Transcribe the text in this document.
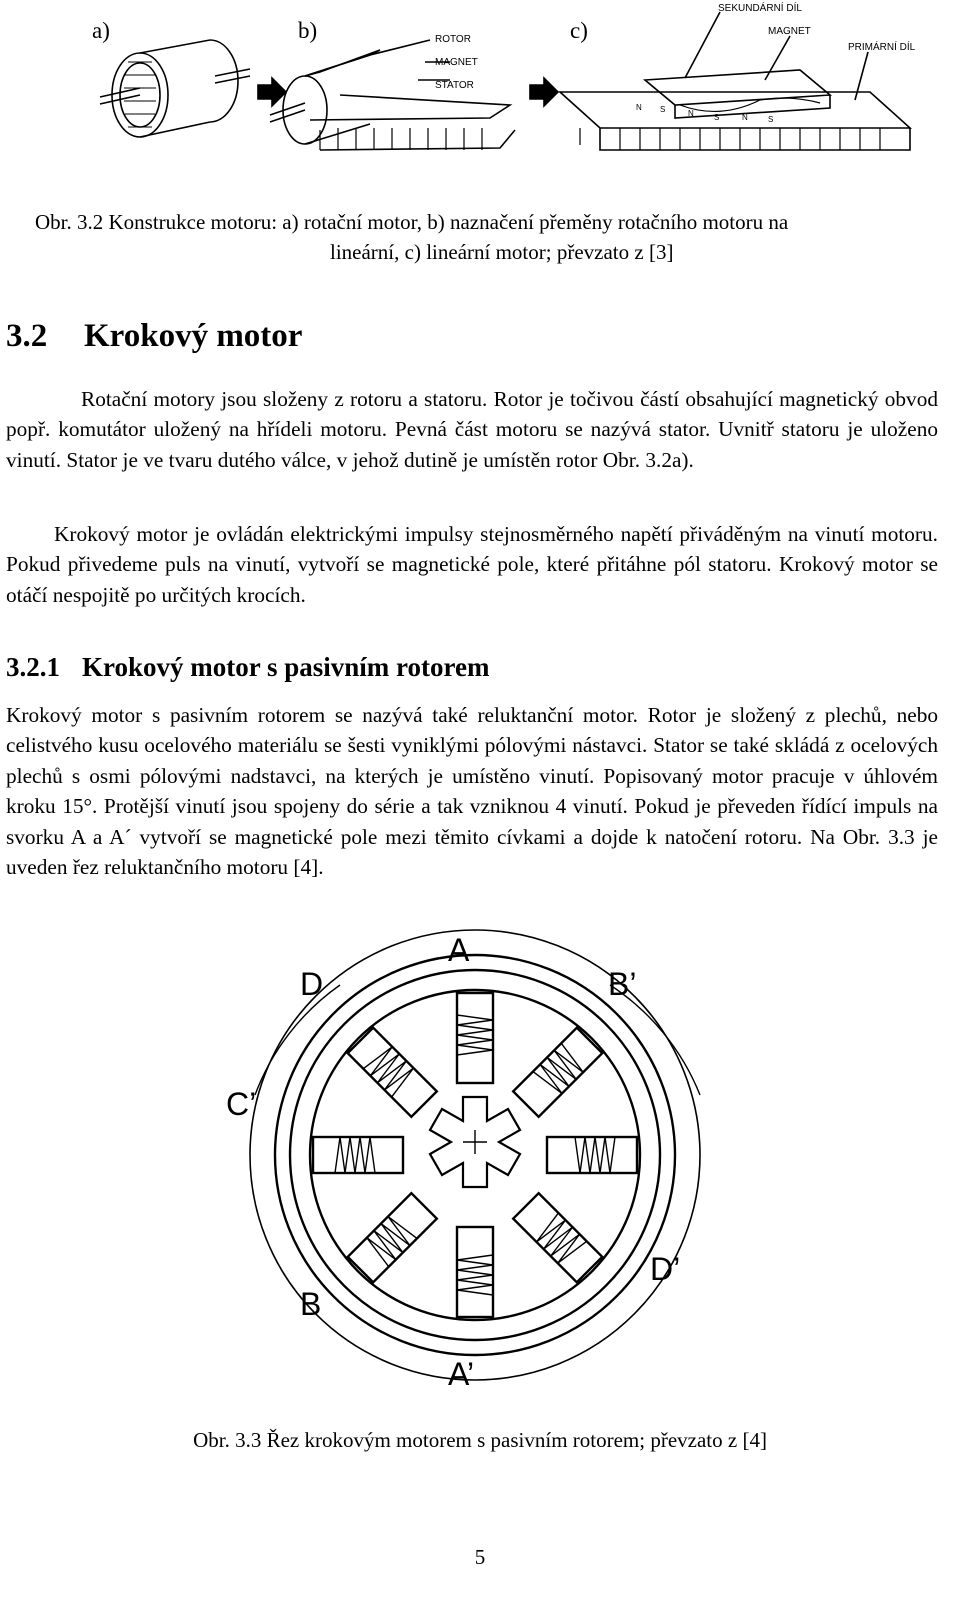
a)	b)	c)
ROTOR
MAGNET
STATOR
SEKUNDÁRNÍ DÍL
MAGNET
PRIMÁRNÍ DÍL
N S	N	S	N	S
Obr. 3.2 Konstrukce motoru: a) rotační motor, b) naznačení přeměny rotačního motoru na
lineární, c) lineární motor; převzato z [3]
3.2 Krokový motor

Rotační motory jsou složeny z rotoru a statoru. Rotor je točivou částí obsahující magnetický obvod popř. komutátor uložený na hřídeli motoru. Pevná část motoru se nazývá stator. Uvnitř statoru je uloženo vinutí. Stator je ve tvaru dutého válce, v jehož dutině je umístěn rotor Obr. 3.2a).

Krokový motor je ovládán elektrickými impulsy stejnosměrného napětí přiváděným na vinutí motoru. Pokud přivedeme puls na vinutí, vytvoří se magnetické pole, které přitáhne pól statoru. Krokový motor se otáčí nespojitě po určitých krocích.

3.2.1 Krokový motor s pasivním rotorem

Krokový motor s pasivním rotorem se nazývá také reluktanční motor. Rotor je složený z plechů, nebo celistvého kusu ocelového materiálu se šesti vyniklými pólovými nástavci. Stator se také skládá z ocelových plechů s osmi pólovými nadstavci, na kterých je umístěno vinutí. Popisovaný motor pracuje v úhlovém kroku 15°. Protější vinutí jsou spojeny do série a tak vzniknou 4 vinutí. Pokud je převeden řídící impuls na svorku A a A´ vytvoří se magnetické pole mezi těmito cívkami a dojde k natočení rotoru. Na Obr. 3.3 je uveden řez reluktančního motoru [4].

A
A’
B
B’
C’
D
D’
Obr. 3.3 Řez krokovým motorem s pasivním rotorem; převzato z [4]
5
